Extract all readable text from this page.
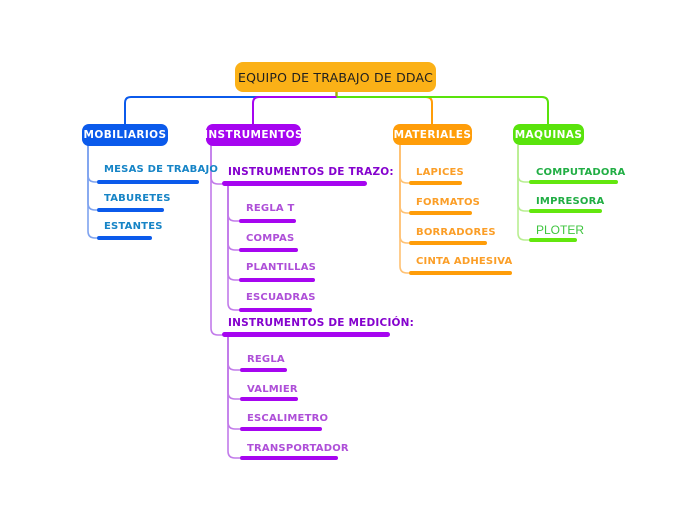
EQUIPO DE TRABAJO DE DDAC
MOBILIARIOS	INSTRUMENTOS	MATERIALES	MAQUINAS
MESAS DE TRABAJO
TABURETES
ESTANTES
INSTRUMENTOS DE TRAZO:
REGLA T
COMPAS
PLANTILLAS
ESCUADRAS
INSTRUMENTOS DE MEDICIÓN:
REGLA
VALMIER
ESCALIMETRO
TRANSPORTADOR
LAPICES
FORMATOS
BORRADORES
CINTA ADHESIVA
COMPUTADORA
IMPRESORA
PLOTER
